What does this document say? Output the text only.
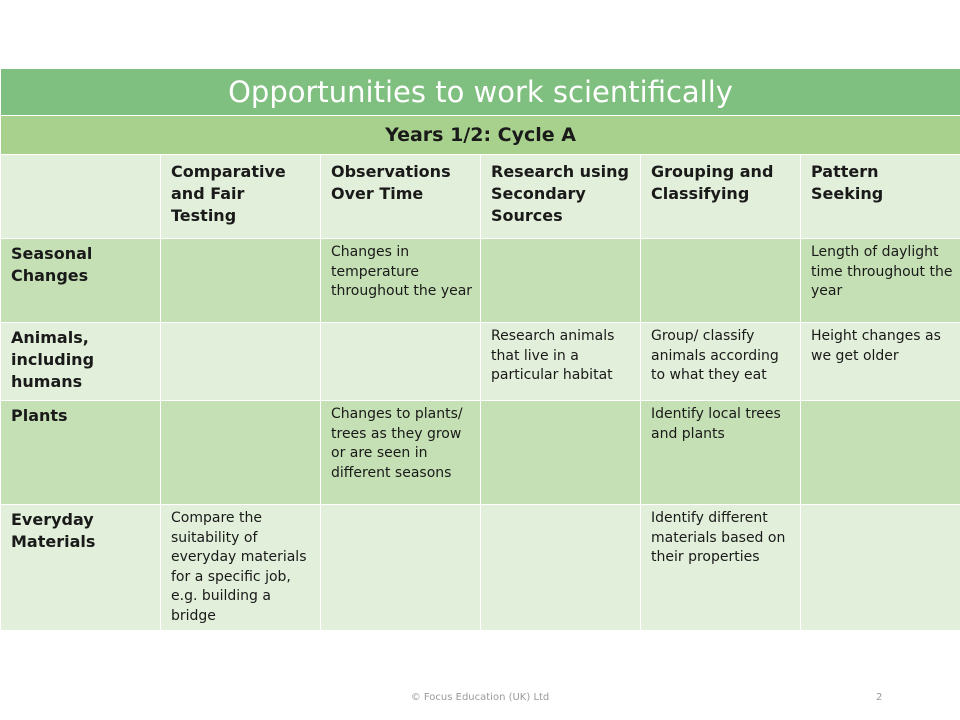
Opportunities to work scientifically					
Years 1/2: Cycle A					
	Comparative and Fair Testing	Observations Over Time	Research using Secondary Sources	Grouping and Classifying	Pattern Seeking
Seasonal Changes		Changes in temperature throughout the year			Length of daylight time throughout the year
Animals, including humans			Research animals that live in a particular habitat	Group/ classify animals according to what they eat	Height changes as we get older
Plants		Changes to plants/ trees as they grow or are seen in different seasons		Identify local trees and plants	
Everyday Materials	Compare the suitability of everyday materials for a specific job, e.g. building a bridge			Identify different materials based on their properties	
© Focus Education (UK) Ltd	2
